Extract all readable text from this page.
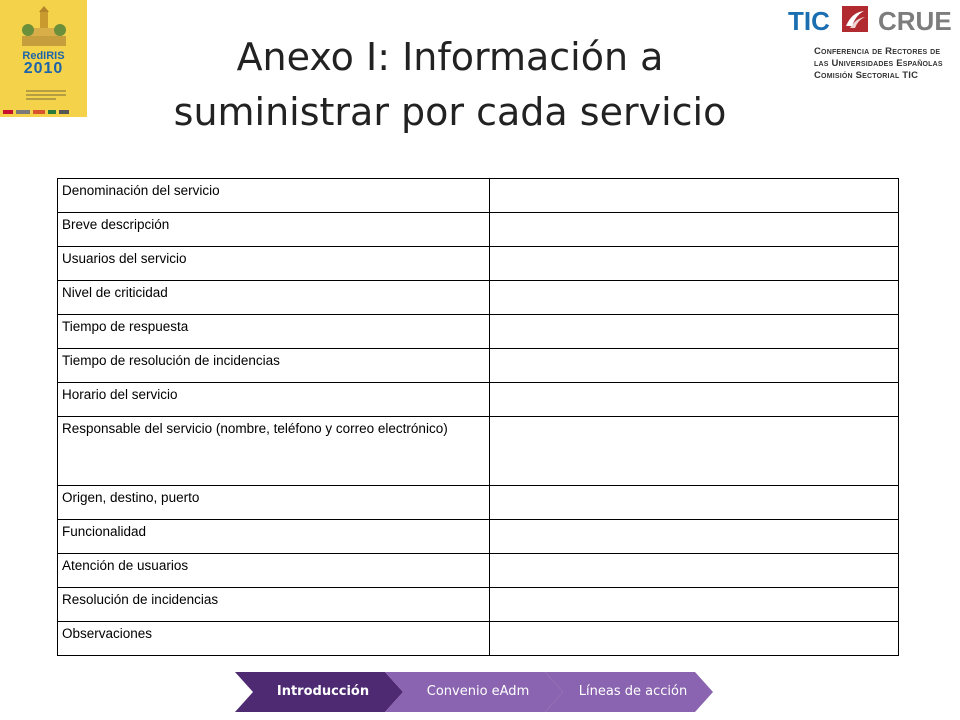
RedIRIS
2010	Anexo I: Información a
suministrar por cada servicio
TIC CRUE
Conferencia de Rectores de
las Universidades Españolas
Comisión Sectorial TIC
Denominación del servicio	
Breve descripción	
Usuarios del servicio	
Nivel de criticidad	
Tiempo de respuesta	
Tiempo de resolución de incidencias	
Horario del servicio	
Responsable del servicio (nombre, teléfono y correo electrónico)	
Origen, destino, puerto	
Funcionalidad	
Atención de usuarios	
Resolución de incidencias	
Observaciones	
Introducción	Convenio eAdm	Líneas de acción
